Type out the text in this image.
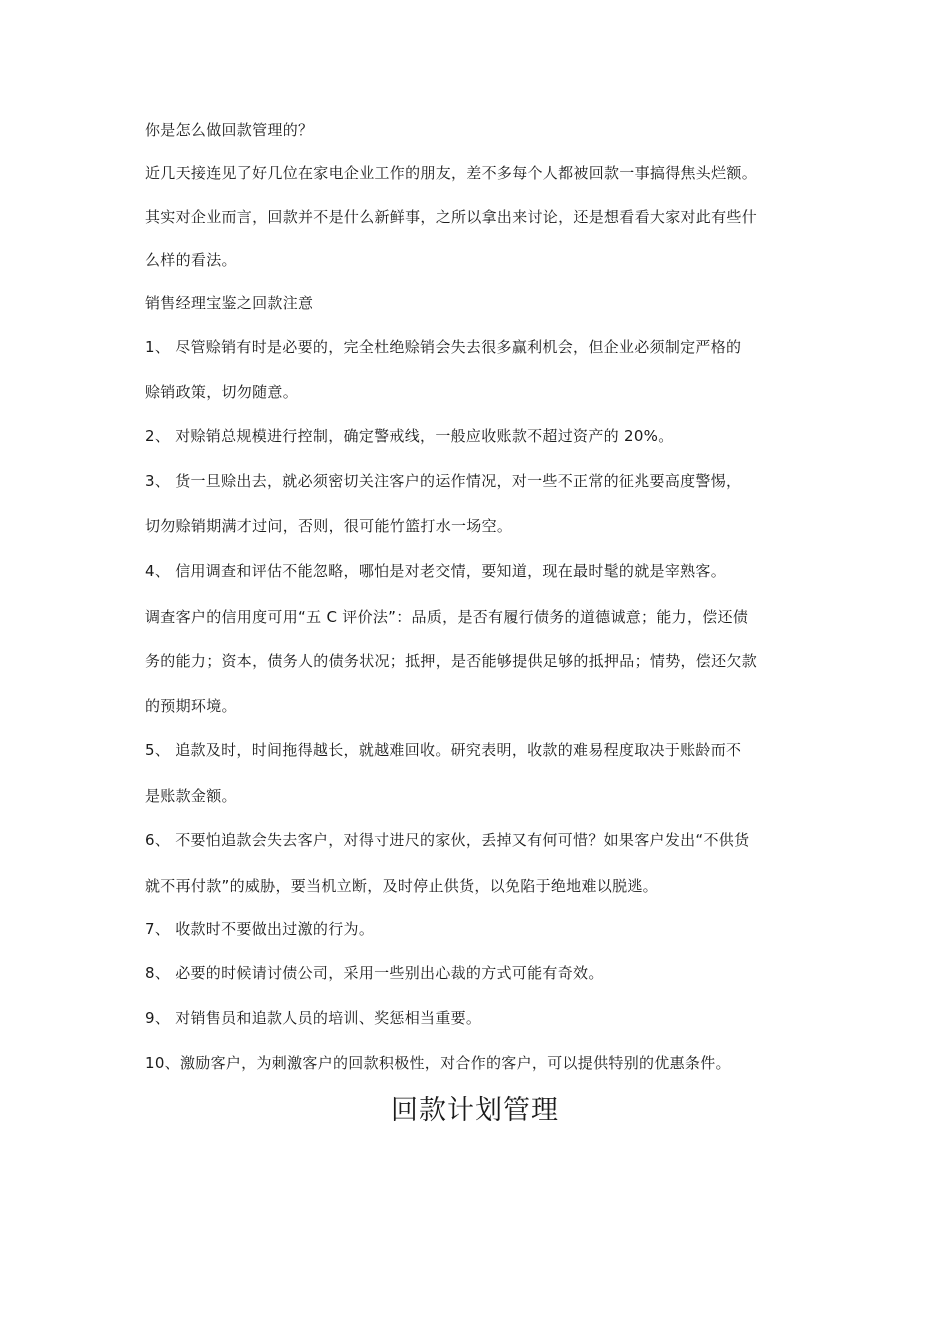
你是怎么做回款管理的？
近几天接连见了好几位在家电企业工作的朋友，差不多每个人都被回款一事搞得焦头烂额。
其实对企业而言，回款并不是什么新鲜事，之所以拿出来讨论，还是想看看大家对此有些什
么样的看法。
销售经理宝鉴之回款注意
1、 尽管赊销有时是必要的，完全杜绝赊销会失去很多赢利机会，但企业必须制定严格的
赊销政策，切勿随意。
2、 对赊销总规模进行控制，确定警戒线，一般应收账款不超过资产的 20%。
3、 货一旦赊出去，就必须密切关注客户的运作情况，对一些不正常的征兆要高度警惕，
切勿赊销期满才过问，否则，很可能竹篮打水一场空。
4、 信用调查和评估不能忽略，哪怕是对老交情，要知道，现在最时髦的就是宰熟客。
调查客户的信用度可用“五 C 评价法”：品质，是否有履行债务的道德诚意；能力，偿还债
务的能力；资本，债务人的债务状况；抵押，是否能够提供足够的抵押品；情势，偿还欠款
的预期环境。
5、 追款及时，时间拖得越长，就越难回收。研究表明，收款的难易程度取决于账龄而不
是账款金额。
6、 不要怕追款会失去客户，对得寸进尺的家伙，丢掉又有何可惜？如果客户发出“不供货
就不再付款”的威胁，要当机立断，及时停止供货，以免陷于绝地难以脱逃。
7、 收款时不要做出过激的行为。
8、 必要的时候请讨债公司，采用一些别出心裁的方式可能有奇效。
9、 对销售员和追款人员的培训、奖惩相当重要。
10、激励客户，为刺激客户的回款积极性，对合作的客户，可以提供特别的优惠条件。
回款计划管理
